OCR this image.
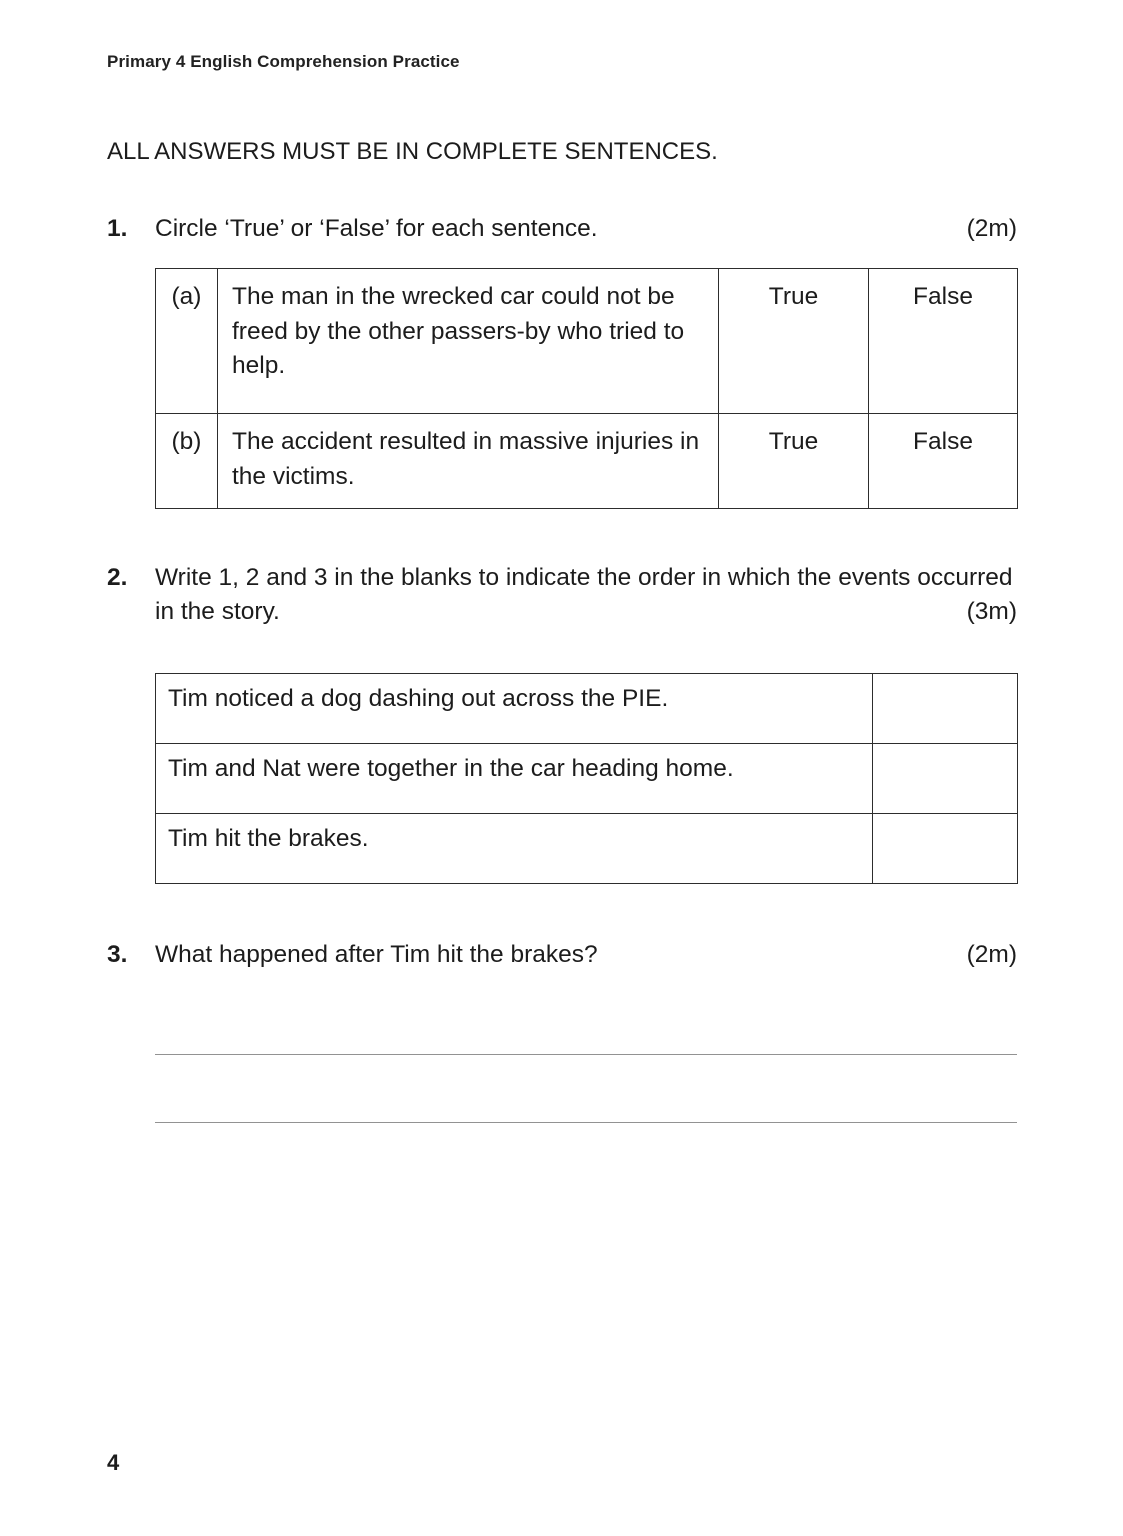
Primary 4 English Comprehension Practice
ALL ANSWERS MUST BE IN COMPLETE SENTENCES.
1. Circle ‘True’ or ‘False’ for each sentence.	(2m)
(a)	The man in the wrecked car could not be freed by the other passers-by who tried to help.	True	False
(b)	The accident resulted in massive injuries in the victims.	True	False
2. Write 1, 2 and 3 in the blanks to indicate the order in which the events occurred in the story.	(3m)
Tim noticed a dog dashing out across the PIE.	
Tim and Nat were together in the car heading home.	
Tim hit the brakes.	
3. What happened after Tim hit the brakes?	(2m)
4
